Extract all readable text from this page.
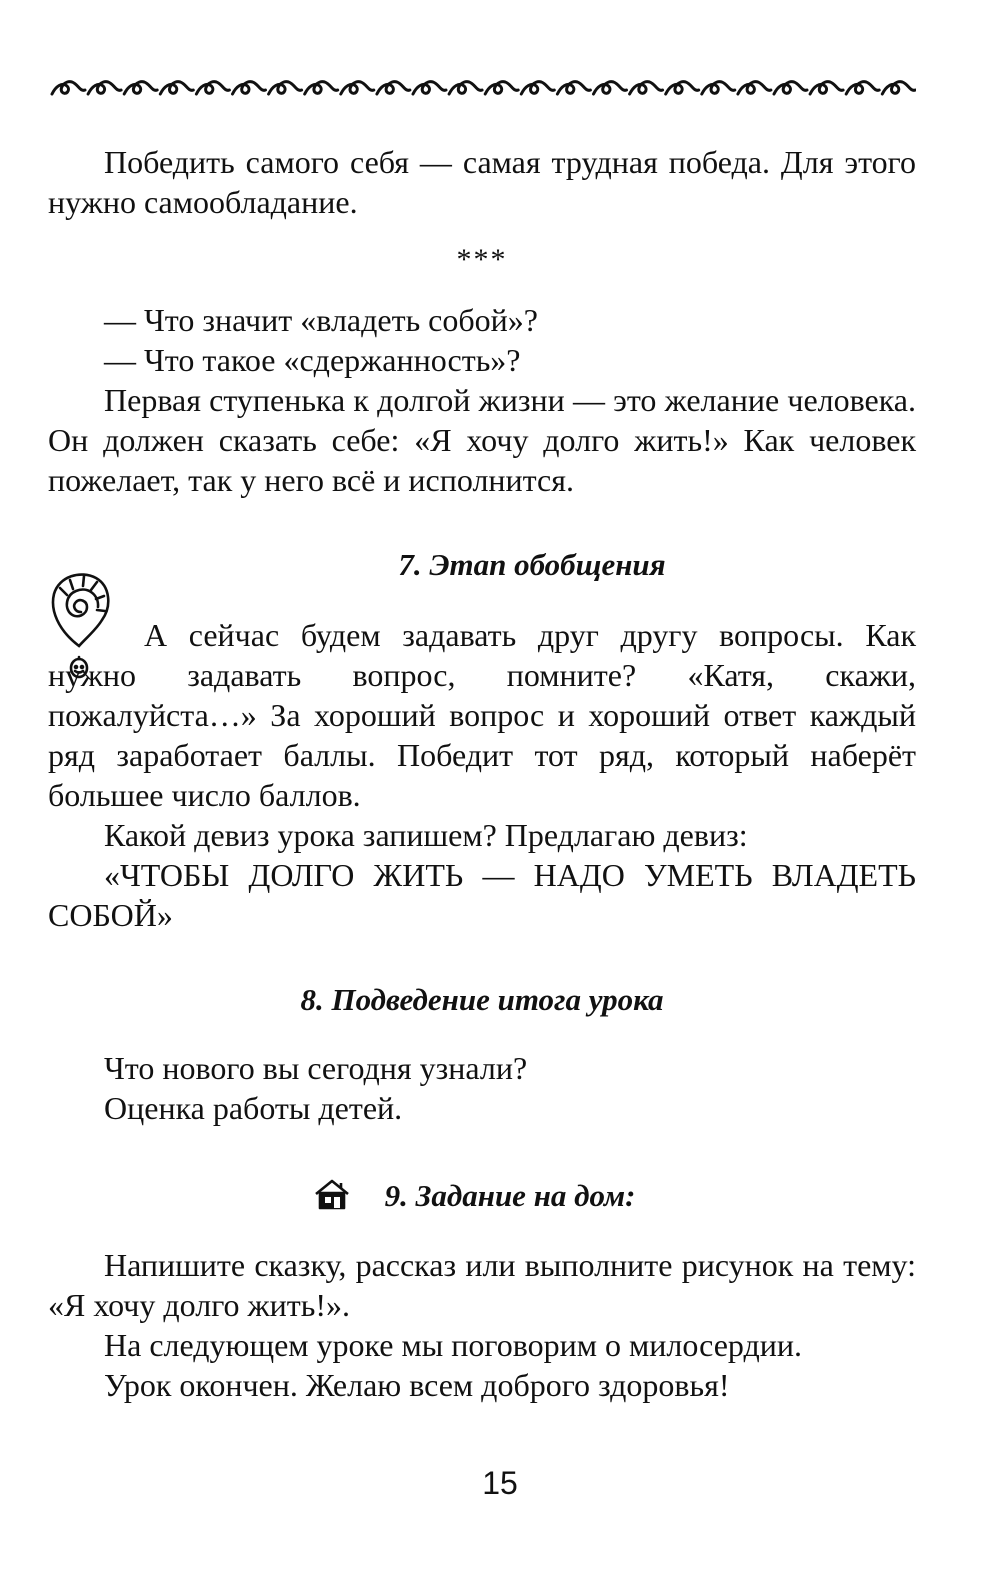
Победить самого себя — самая трудная победа. Для этого нужно самообладание.

***

— Что значит «владеть собой»?

— Что такое «сдержанность»?

Первая ступенька к долгой жизни — это желание человека. Он должен сказать себе: «Я хочу долго жить!» Как человек пожелает, так у него всё и исполнится.

7. Этап обобщения

А сейчас будем задавать друг другу вопросы. Как нужно задавать вопрос, помните? «Катя, скажи, пожалуйста…» За хороший вопрос и хороший ответ каждый ряд заработает баллы. Победит тот ряд, который наберёт большее число баллов.

Какой девиз урока запишем? Предлагаю девиз:

«ЧТОБЫ ДОЛГО ЖИТЬ — НАДО УМЕТЬ ВЛАДЕТЬ СОБОЙ»

8. Подведение итога урока

Что нового вы сегодня узнали?

Оценка работы детей.

9. Задание на дом:

Напишите сказку, рассказ или выполните рисунок на тему: «Я хочу долго жить!».

На следующем уроке мы поговорим о милосердии.

Урок окончен. Желаю всем доброго здоровья!

15
